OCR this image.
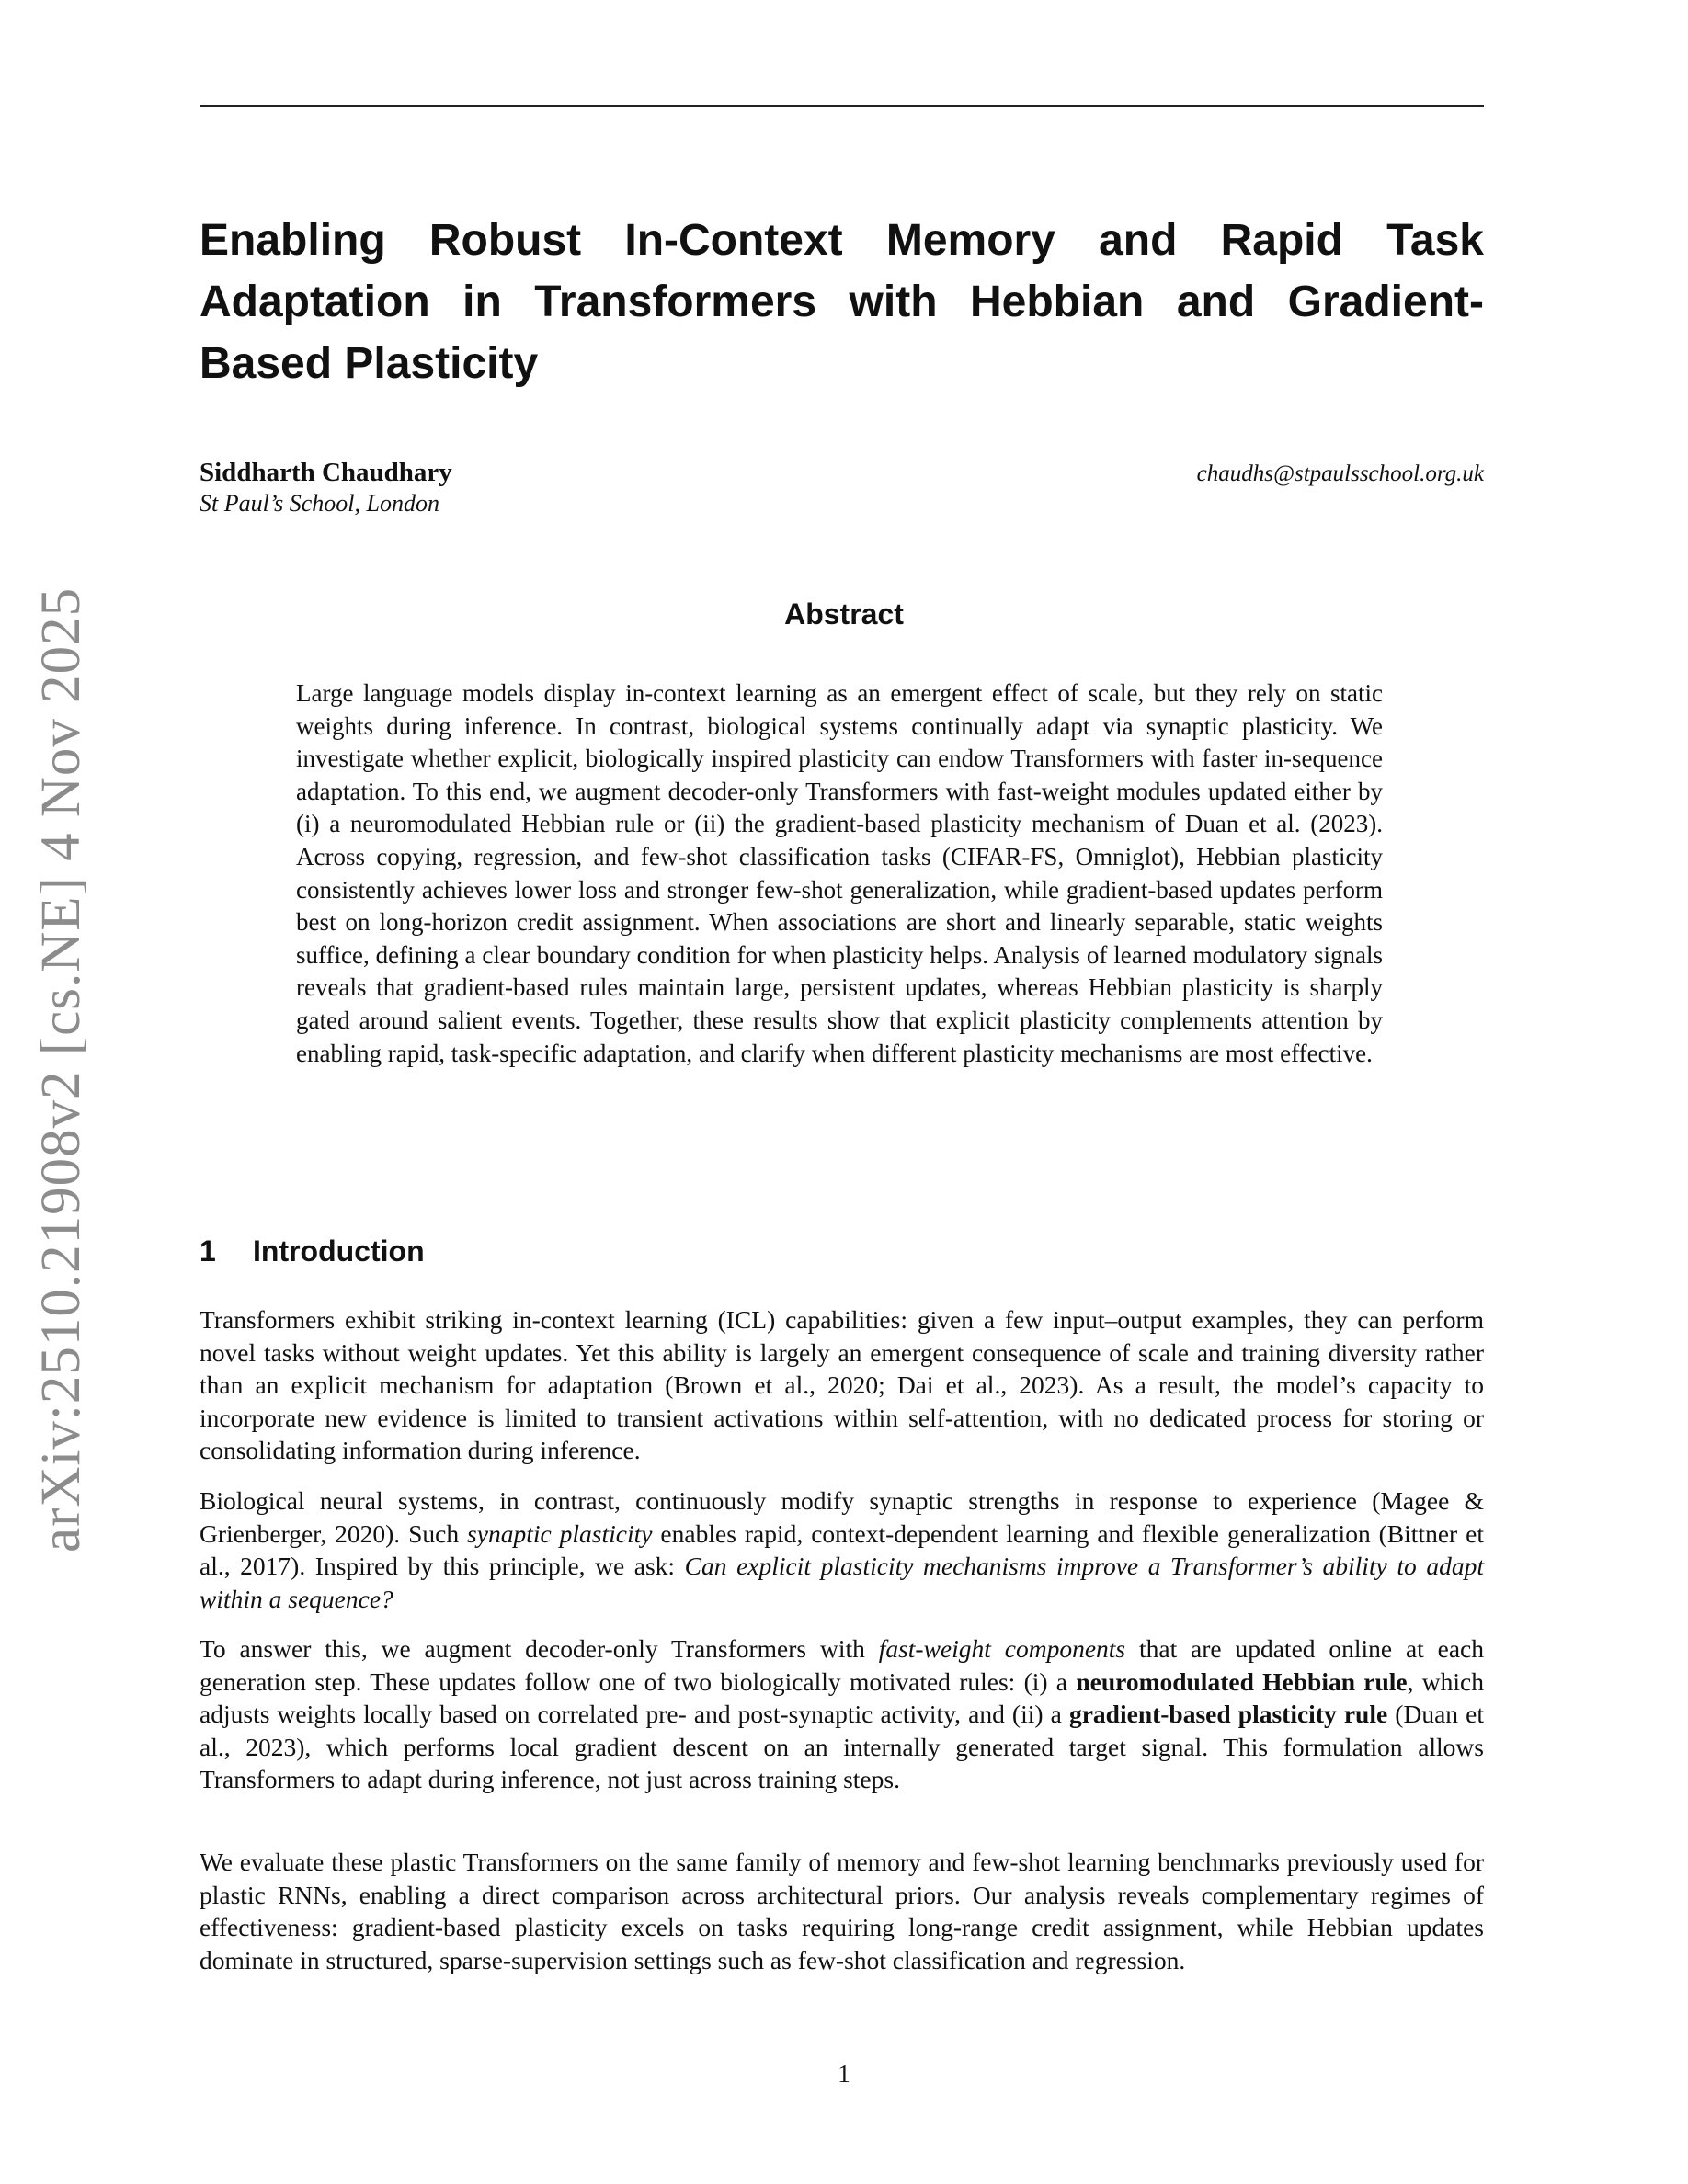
arXiv:2510.21908v2 [cs.NE] 4 Nov 2025
Enabling Robust In-Context Memory and Rapid Task Adaptation in Transformers with Hebbian and Gradient-Based Plasticity
Siddharth Chaudhary
St Paul’s School, London
chaudhs@stpaulsschool.org.uk
Abstract

Large language models display in-context learning as an emergent effect of scale, but they rely on static weights during inference. In contrast, biological systems continually adapt via synaptic plasticity. We investigate whether explicit, biologically inspired plasticity can endow Transformers with faster in-sequence adaptation. To this end, we augment decoder-only Transformers with fast-weight modules updated either by (i) a neuromodulated Hebbian rule or (ii) the gradient-based plasticity mechanism of Duan et al. (2023). Across copying, regression, and few-shot classification tasks (CIFAR-FS, Omniglot), Hebbian plasticity consistently achieves lower loss and stronger few-shot generalization, while gradient-based updates perform best on long-horizon credit assignment. When associations are short and linearly separable, static weights suffice, defining a clear boundary condition for when plasticity helps. Analysis of learned modulatory signals reveals that gradient-based rules maintain large, persistent updates, whereas Hebbian plasticity is sharply gated around salient events. Together, these results show that explicit plasticity complements attention by enabling rapid, task-specific adaptation, and clarify when different plasticity mechanisms are most effective.

1 Introduction

Transformers exhibit striking in-context learning (ICL) capabilities: given a few input–output examples, they can perform novel tasks without weight updates. Yet this ability is largely an emergent consequence of scale and training diversity rather than an explicit mechanism for adaptation (Brown et al., 2020; Dai et al., 2023). As a result, the model’s capacity to incorporate new evidence is limited to transient activations within self-attention, with no dedicated process for storing or consolidating information during inference.

Biological neural systems, in contrast, continuously modify synaptic strengths in response to experience (Magee & Grienberger, 2020). Such synaptic plasticity enables rapid, context-dependent learning and flexible generalization (Bittner et al., 2017). Inspired by this principle, we ask: Can explicit plasticity mechanisms improve a Transformer’s ability to adapt within a sequence?

To answer this, we augment decoder-only Transformers with fast-weight components that are updated online at each generation step. These updates follow one of two biologically motivated rules: (i) a neuromodulated Hebbian rule, which adjusts weights locally based on correlated pre- and post-synaptic activity, and (ii) a gradient-based plasticity rule (Duan et al., 2023), which performs local gradient descent on an internally generated target signal. This formulation allows Transformers to adapt during inference, not just across training steps.

We evaluate these plastic Transformers on the same family of memory and few-shot learning benchmarks previously used for plastic RNNs, enabling a direct comparison across architectural priors. Our analysis reveals complementary regimes of effectiveness: gradient-based plasticity excels on tasks requiring long-range credit assignment, while Hebbian updates dominate in structured, sparse-supervision settings such as few-shot classification and regression.

1
